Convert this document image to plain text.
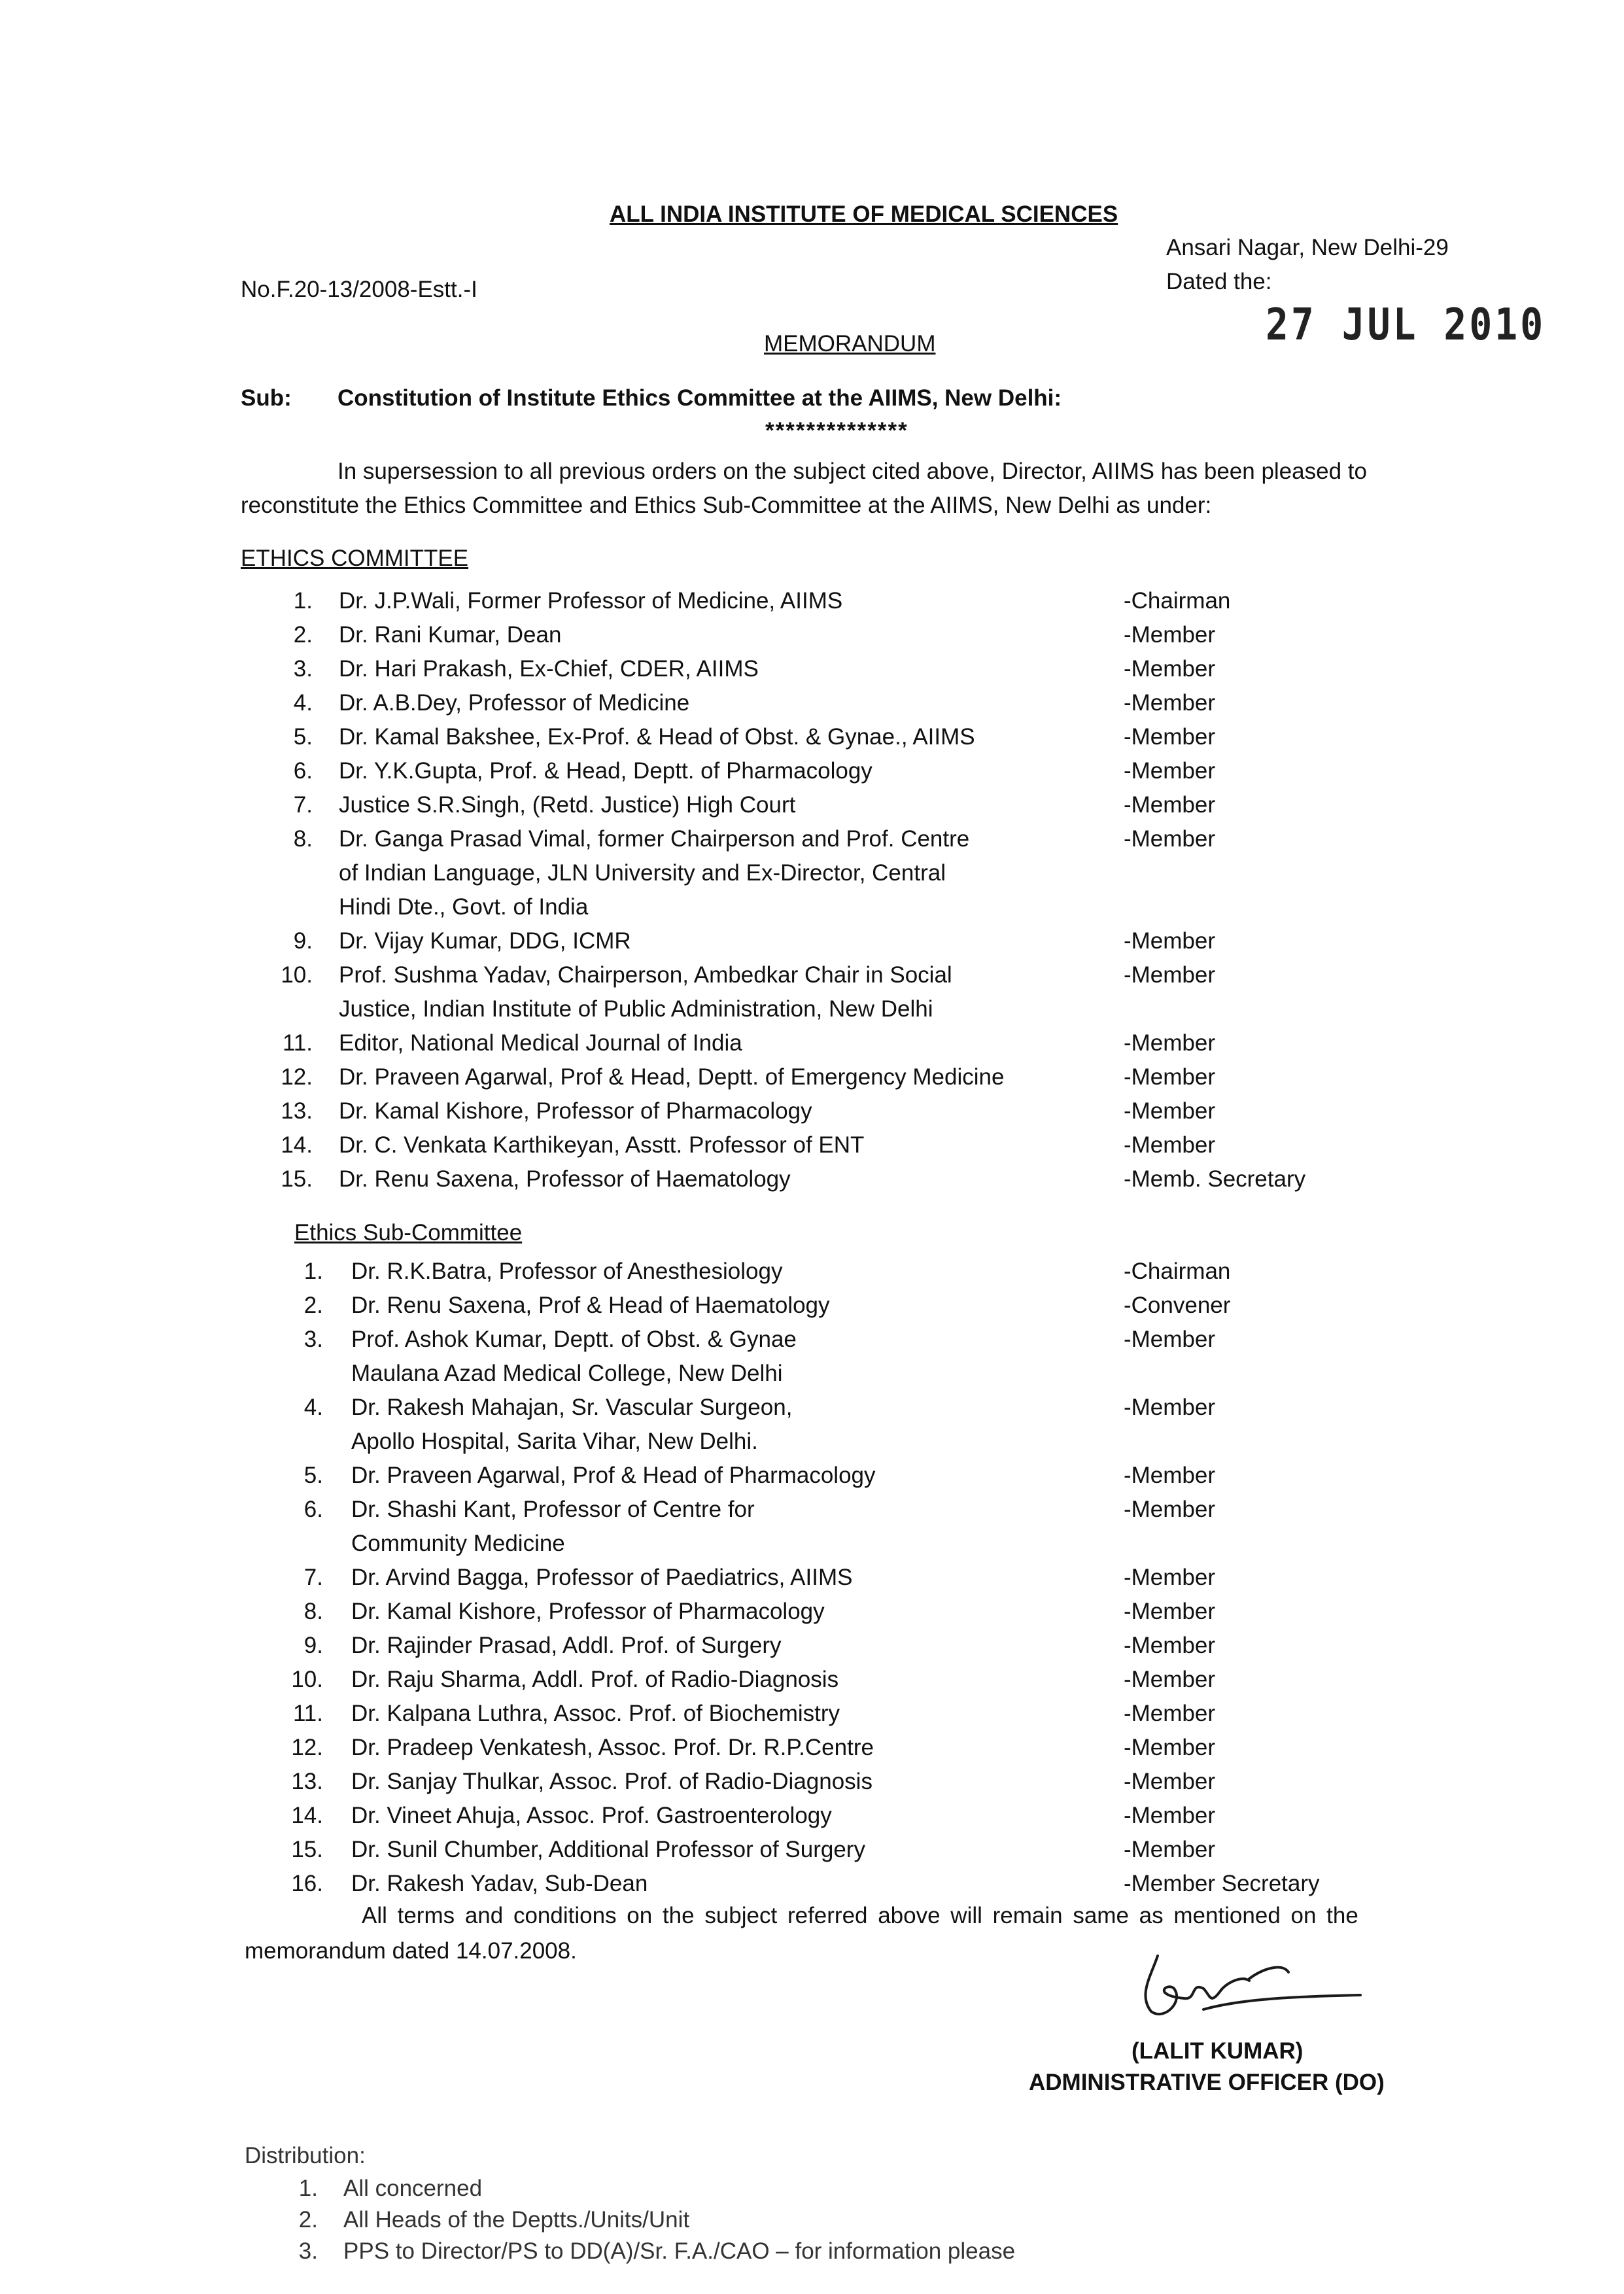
ALL INDIA INSTITUTE OF MEDICAL SCIENCES
Ansari Nagar, New Delhi-29
Dated the:
27 JUL 2010
No.F.20-13/2008-Estt.-I
MEMORANDUM
Sub: Constitution of Institute Ethics Committee at the AIIMS, New Delhi:
**************
In supersession to all previous orders on the subject cited above, Director, AIIMS has been pleased to
reconstitute the Ethics Committee and Ethics Sub-Committee at the AIIMS, New Delhi as under:
ETHICS COMMITTEE
1. Dr. J.P.Wali, Former Professor of Medicine, AIIMS	-Chairman
2. Dr. Rani Kumar, Dean	-Member
3. Dr. Hari Prakash, Ex-Chief, CDER, AIIMS	-Member
4. Dr. A.B.Dey, Professor of Medicine	-Member
5. Dr. Kamal Bakshee, Ex-Prof. & Head of Obst. & Gynae., AIIMS	-Member
6. Dr. Y.K.Gupta, Prof. & Head, Deptt. of Pharmacology	-Member
7. Justice S.R.Singh, (Retd. Justice) High Court	-Member
8. Dr. Ganga Prasad Vimal, former Chairperson and Prof. Centre
of Indian Language, JLN University and Ex-Director, Central
Hindi Dte., Govt. of India
-Member
9. Dr. Vijay Kumar, DDG, ICMR	-Member
10. Prof. Sushma Yadav, Chairperson, Ambedkar Chair in Social
Justice, Indian Institute of Public Administration, New Delhi
-Member
11. Editor, National Medical Journal of India	-Member
12. Dr. Praveen Agarwal, Prof & Head, Deptt. of Emergency Medicine	-Member
13. Dr. Kamal Kishore, Professor of Pharmacology	-Member
14. Dr. C. Venkata Karthikeyan, Asstt. Professor of ENT	-Member
15. Dr. Renu Saxena, Professor of Haematology	-Memb. Secretary
Ethics Sub-Committee
1. Dr. R.K.Batra, Professor of Anesthesiology	-Chairman
2. Dr. Renu Saxena, Prof & Head of Haematology	-Convener
3. Prof. Ashok Kumar, Deptt. of Obst. & Gynae
Maulana Azad Medical College, New Delhi
-Member
4. Dr. Rakesh Mahajan, Sr. Vascular Surgeon,
Apollo Hospital, Sarita Vihar, New Delhi.
-Member
5. Dr. Praveen Agarwal, Prof & Head of Pharmacology	-Member
6. Dr. Shashi Kant, Professor of Centre for
Community Medicine
-Member
7. Dr. Arvind Bagga, Professor of Paediatrics, AIIMS	-Member
8. Dr. Kamal Kishore, Professor of Pharmacology	-Member
9. Dr. Rajinder Prasad, Addl. Prof. of Surgery	-Member
10. Dr. Raju Sharma, Addl. Prof. of Radio-Diagnosis	-Member
11. Dr. Kalpana Luthra, Assoc. Prof. of Biochemistry	-Member
12. Dr. Pradeep Venkatesh, Assoc. Prof. Dr. R.P.Centre	-Member
13. Dr. Sanjay Thulkar, Assoc. Prof. of Radio-Diagnosis	-Member
14. Dr. Vineet Ahuja, Assoc. Prof. Gastroenterology	-Member
15. Dr. Sunil Chumber, Additional Professor of Surgery	-Member
16. Dr. Rakesh Yadav, Sub-Dean	-Member Secretary
All terms and conditions on the subject referred above will remain same as mentioned on the
memorandum dated 14.07.2008.
(LALIT KUMAR)
ADMINISTRATIVE OFFICER (DO)
Distribution:
1. All concerned
2. All Heads of the Deptts./Units/Unit
3. PPS to Director/PS to DD(A)/Sr. F.A./CAO – for information please
